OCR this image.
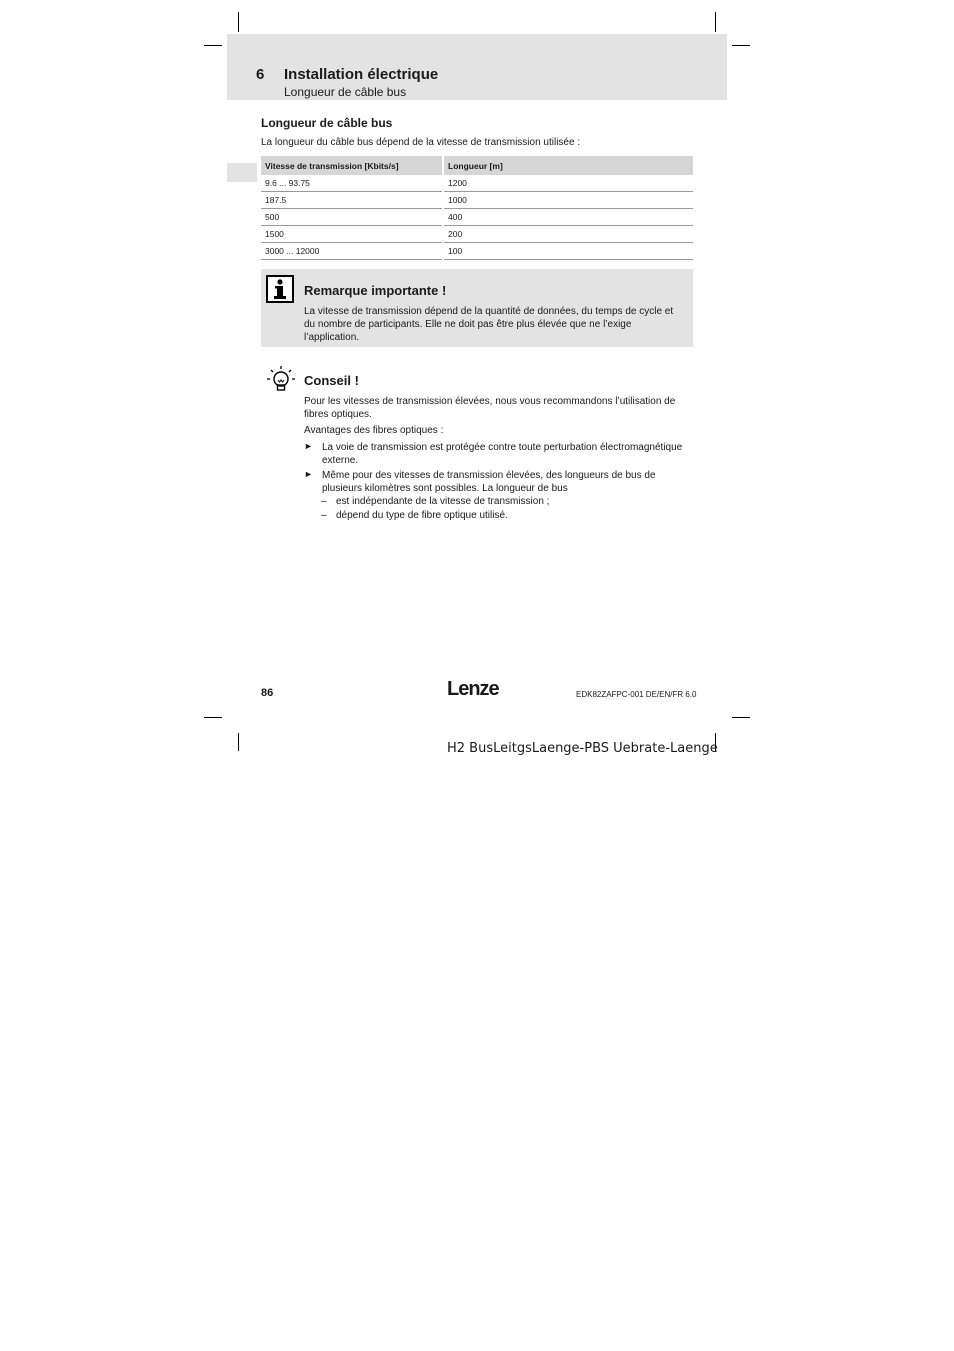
6 Installation électrique
Longueur de câble bus
Longueur de câble bus
La longueur du câble bus dépend de la vitesse de transmission utilisée :
Vitesse de transmission [Kbits/s]	Longueur [m]
9.6 ... 93.75	1200
187.5	1000
500	400
1500	200
3000 ... 12000	100
Remarque importante !
La vitesse de transmission dépend de la quantité de données, du temps de cycle et du nombre de participants. Elle ne doit pas être plus élevée que ne l’exige l’application.
Conseil !
Pour les vitesses de transmission élevées, nous vous recommandons l’utilisation de fibres optiques.
Avantages des fibres optiques :
► La voie de transmission est protégée contre toute perturbation électromagnétique externe.
► Même pour des vitesses de transmission élevées, des longueurs de bus de plusieurs kilomètres sont possibles. La longueur de bus
– est indépendante de la vitesse de transmission ;
– dépend du type de fibre optique utilisé.
86	Lenze	EDK82ZAFPC-001 DE/EN/FR 6.0
H2 BusLeitgsLaenge-PBS Uebrate-Laenge
